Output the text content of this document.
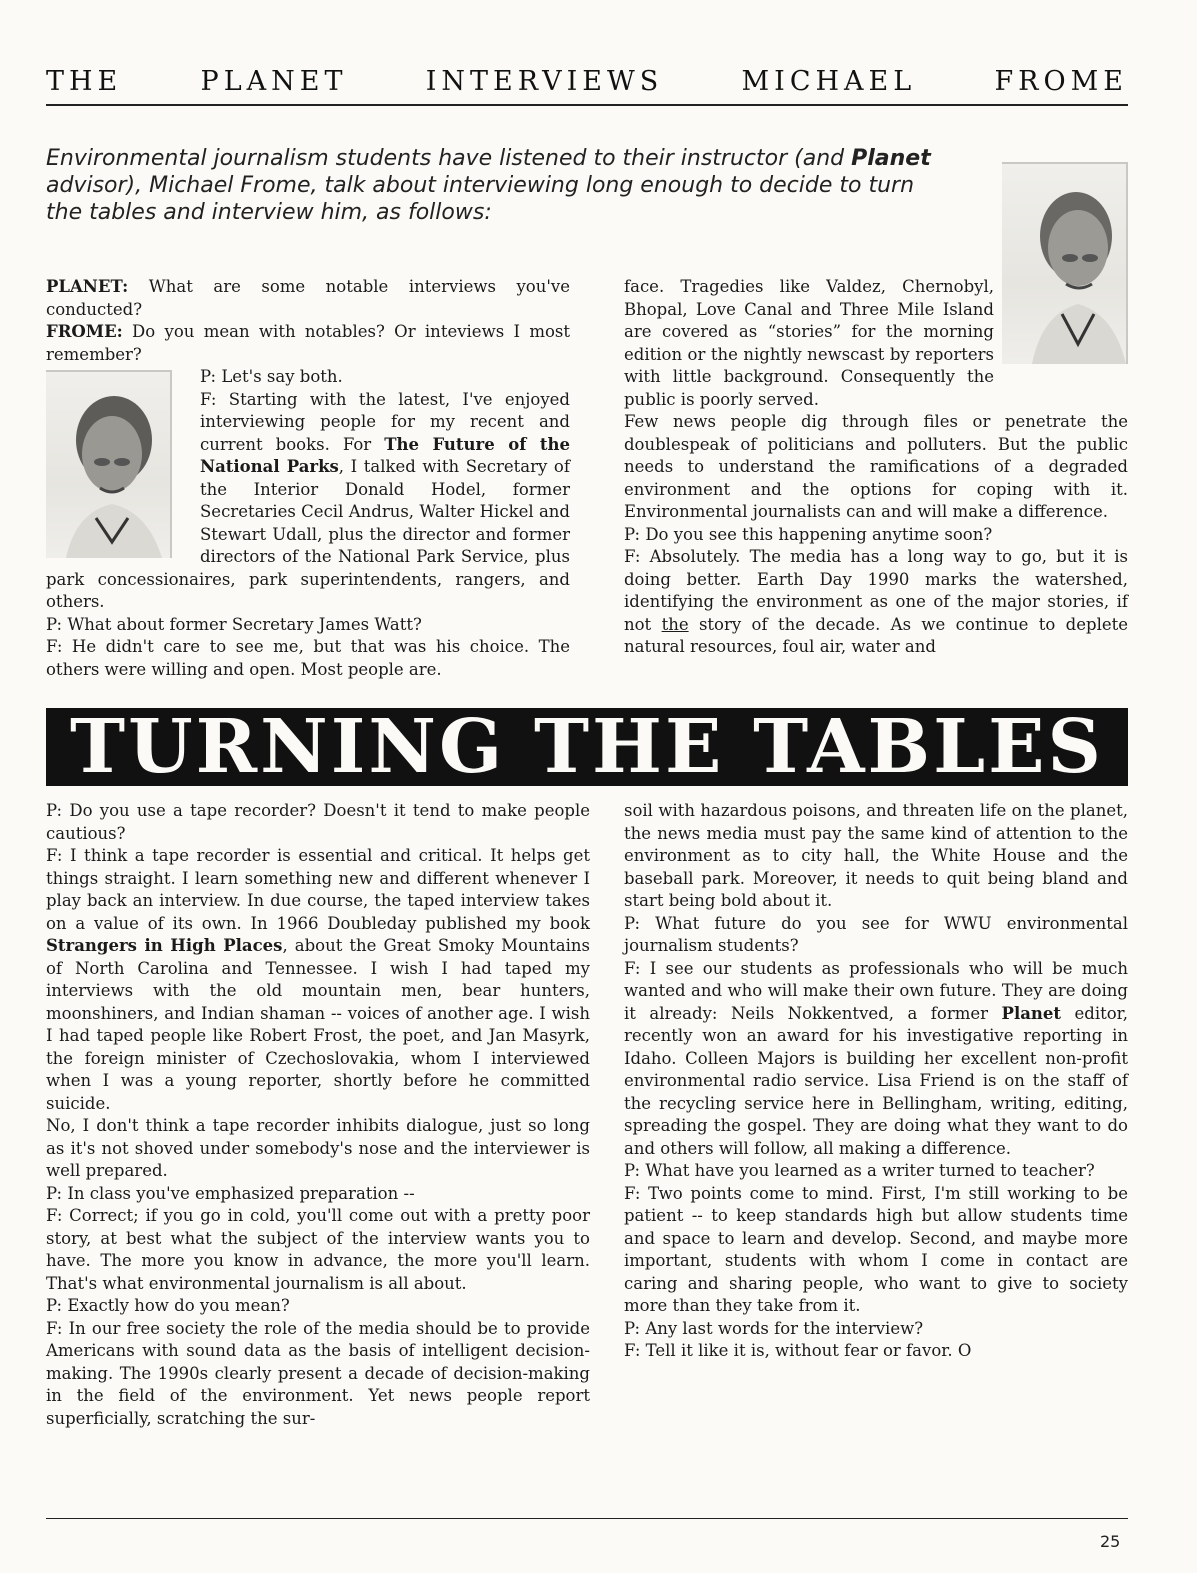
THE	PLANET	INTERVIEWS	MICHAEL	FROME
Environmental journalism students have listened to their instructor (and Planet advisor), Michael Frome, talk about interviewing long enough to decide to turn the tables and interview him, as follows:

PLANET: What are some notable interviews you've conducted?

FROME: Do you mean with notables? Or inteviews I most remember?

P: Let's say both.

F: Starting with the latest, I've enjoyed interviewing people for my recent and current books. For The Future of the National Parks, I talked with Secretary of the Interior Donald Hodel, former Secretaries Cecil Andrus, Walter Hickel and Stewart Udall, plus the director and former directors of the National Park Service, plus park concessionaires, park superintendents, rangers, and others.

P: What about former Secretary James Watt?

F: He didn't care to see me, but that was his choice. The others were willing and open. Most people are.

face. Tragedies like Valdez, Chernobyl, Bhopal, Love Canal and Three Mile Island are covered as “stories” for the morning edition or the nightly newscast by reporters with little background. Consequently the public is poorly served.

Few news people dig through files or penetrate the doublespeak of politicians and polluters. But the public needs to understand the ramifications of a degraded environment and the options for coping with it. Environmental journalists can and will make a difference.

P: Do you see this happening anytime soon?

F: Absolutely. The media has a long way to go, but it is doing better. Earth Day 1990 marks the watershed, identifying the environment as one of the major stories, if not the story of the decade. As we continue to deplete natural resources, foul air, water and

TURNING THE TABLES

P: Do you use a tape recorder? Doesn't it tend to make people cautious?

F: I think a tape recorder is essential and critical. It helps get things straight. I learn something new and different whenever I play back an interview. In due course, the taped interview takes on a value of its own. In 1966 Doubleday published my book Strangers in High Places, about the Great Smoky Mountains of North Carolina and Tennessee. I wish I had taped my interviews with the old mountain men, bear hunters, moonshiners, and Indian shaman -- voices of another age. I wish I had taped people like Robert Frost, the poet, and Jan Masyrk, the foreign minister of Czechoslovakia, whom I interviewed when I was a young reporter, shortly before he committed suicide.

No, I don't think a tape recorder inhibits dialogue, just so long as it's not shoved under somebody's nose and the interviewer is well prepared.

P: In class you've emphasized preparation --

F: Correct; if you go in cold, you'll come out with a pretty poor story, at best what the subject of the interview wants you to have. The more you know in advance, the more you'll learn. That's what environmental journalism is all about.

P: Exactly how do you mean?

F: In our free society the role of the media should be to provide Americans with sound data as the basis of intelligent decision-making. The 1990s clearly present a decade of decision-making in the field of the environment. Yet news people report superficially, scratching the sur-

soil with hazardous poisons, and threaten life on the planet, the news media must pay the same kind of attention to the environment as to city hall, the White House and the baseball park. Moreover, it needs to quit being bland and start being bold about it.

P: What future do you see for WWU environmental journalism students?

F: I see our students as professionals who will be much wanted and who will make their own future. They are doing it already: Neils Nokkentved, a former Planet editor, recently won an award for his investigative reporting in Idaho. Colleen Majors is building her excellent non-profit environmental radio service. Lisa Friend is on the staff of the recycling service here in Bellingham, writing, editing, spreading the gospel. They are doing what they want to do and others will follow, all making a difference.

P: What have you learned as a writer turned to teacher?

F: Two points come to mind. First, I'm still working to be patient -- to keep standards high but allow students time and space to learn and develop. Second, and maybe more important, students with whom I come in contact are caring and sharing people, who want to give to society more than they take from it.

P: Any last words for the interview?

F: Tell it like it is, without fear or favor. O

25
